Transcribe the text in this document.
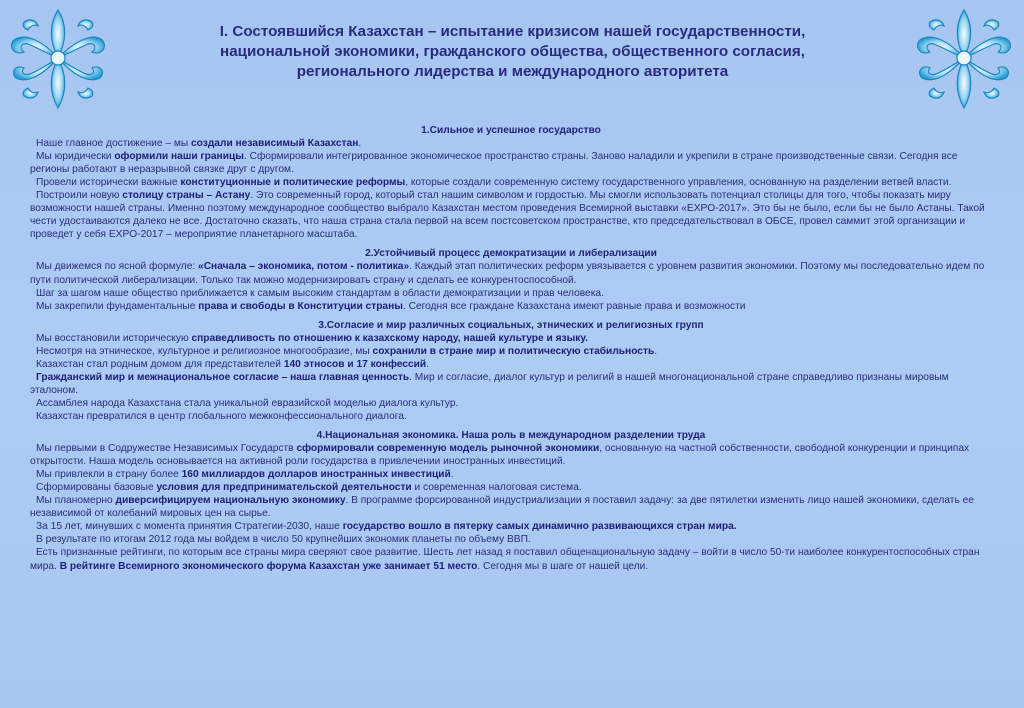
I. Состоявшийся Казахстан – испытание кризисом нашей государственности,
национальной экономики, гражданского общества, общественного согласия,
регионального лидерства и международного авторитета
1.Сильное и успешное государство
Наше главное достижение – мы создали независимый Казахстан.
Мы юридически оформили наши границы. Сформировали интегрированное экономическое пространство страны. Заново наладили и укрепили в стране производственные связи. Сегодня все регионы работают в неразрывной связке друг с другом.
Провели исторически важные конституционные и политические реформы, которые создали современную систему государственного управления, основанную на разделении ветвей власти.
Построили новую столицу страны – Астану. Это современный город, который стал нашим символом и гордостью. Мы смогли использовать потенциал столицы для того, чтобы показать миру возможности нашей страны. Именно поэтому международное сообщество выбрало Казахстан местом проведения Всемирной выставки «EXPO-2017». Это бы не было, если бы не было Астаны. Такой чести удостаиваются далеко не все. Достаточно сказать, что наша страна стала первой на всем постсоветском пространстве, кто председательствовал в ОБСЕ, провел саммит этой организации и проведет у себя EXPO-2017 – мероприятие планетарного масштаба.
2.Устойчивый процесс демократизации и либерализации
Мы движемся по ясной формуле: «Сначала – экономика, потом - политика». Каждый этап политических реформ увязывается с уровнем развития экономики. Поэтому мы последовательно идем по пути политической либерализации. Только так можно модернизировать страну и сделать ее конкурентоспособной.
Шаг за шагом наше общество приближается к самым высоким стандартам в области демократизации и прав человека.
Мы закрепили фундаментальные права и свободы в Конституции страны. Сегодня все граждане Казахстана имеют равные права и возможности
3.Согласие и мир различных социальных, этнических и религиозных групп
Мы восстановили историческую справедливость по отношению к казахскому народу, нашей культуре и языку.
Несмотря на этническое, культурное и религиозное многообразие, мы сохранили в стране мир и политическую стабильность.
Казахстан стал родным домом для представителей 140 этносов и 17 конфессий.
Гражданский мир и межнациональное согласие – наша главная ценность. Мир и согласие, диалог культур и религий в нашей многонациональной стране справедливо признаны мировым эталоном.
Ассамблея народа Казахстана стала уникальной евразийской моделью диалога культур.
Казахстан превратился в центр глобального межконфессионального диалога.
4.Национальная экономика. Наша роль в международном разделении труда
Мы первыми в Содружестве Независимых Государств сформировали современную модель рыночной экономики, основанную на частной собственности, свободной конкуренции и принципах открытости. Наша модель основывается на активной роли государства в привлечении иностранных инвестиций.
Мы привлекли в страну более 160 миллиардов долларов иностранных инвестиций.
Сформированы базовые условия для предпринимательской деятельности и современная налоговая система.
Мы планомерно диверсифицируем национальную экономику. В программе форсированной индустриализации я поставил задачу: за две пятилетки изменить лицо нашей экономики, сделать ее независимой от колебаний мировых цен на сырье.
За 15 лет, минувших с момента принятия Стратегии-2030, наше государство вошло в пятерку самых динамично развивающихся стран мира.
В результате по итогам 2012 года мы войдем в число 50 крупнейших экономик планеты по объему ВВП.
Есть признанные рейтинги, по которым все страны мира сверяют свое развитие. Шесть лет назад я поставил общенациональную задачу – войти в число 50-ти наиболее конкурентоспособных стран мира. В рейтинге Всемирного экономического форума Казахстан уже занимает 51 место. Сегодня мы в шаге от нашей цели.
